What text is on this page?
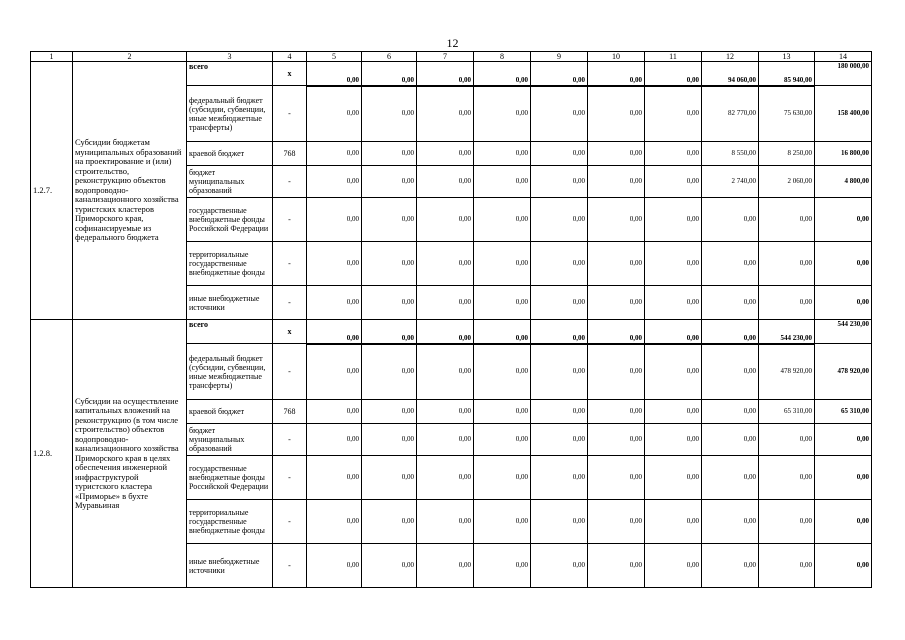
12
1	2	3	4	5	6	7	8	9	10	11	12	13	14
1.2.7.	Субсидии бюджетам муниципальных образований на проектирование и (или) строительство, реконструкцию объектов водопроводно-канализационного хозяйства туристских кластеров Приморского края, софинансируемые из федерального бюджета	всего	x	0,00	0,00	0,00	0,00	0,00	0,00	0,00	94 060,00	85 940,00	180 000,00
		федеральный бюджет (субсидии, субвенции, иные межбюджетные трансферты)	-	0,00	0,00	0,00	0,00	0,00	0,00	0,00	82 770,00	75 630,00	158 400,00
		краевой бюджет	768	0,00	0,00	0,00	0,00	0,00	0,00	0,00	8 550,00	8 250,00	16 800,00
		бюджет муниципальных образований	-	0,00	0,00	0,00	0,00	0,00	0,00	0,00	2 740,00	2 060,00	4 800,00
		государственные внебюджетные фонды Российской Федерации	-	0,00	0,00	0,00	0,00	0,00	0,00	0,00	0,00	0,00	0,00
		территориальные государственные внебюджетные фонды	-	0,00	0,00	0,00	0,00	0,00	0,00	0,00	0,00	0,00	0,00
		иные внебюджетные источники	-	0,00	0,00	0,00	0,00	0,00	0,00	0,00	0,00	0,00	0,00
1.2.8.	Субсидии на осуществление капитальных вложений на реконструкцию (в том числе строительство) объектов водопроводно-канализационного хозяйства Приморского края в целях обеспечения инженерной инфраструктурой туристского кластера «Приморье» в бухте Муравьиная	всего	x	0,00	0,00	0,00	0,00	0,00	0,00	0,00	0,00	544 230,00	544 230,00
		федеральный бюджет (субсидии, субвенции, иные межбюджетные трансферты)	-	0,00	0,00	0,00	0,00	0,00	0,00	0,00	0,00	478 920,00	478 920,00
		краевой бюджет	768	0,00	0,00	0,00	0,00	0,00	0,00	0,00	0,00	65 310,00	65 310,00
		бюджет муниципальных образований	-	0,00	0,00	0,00	0,00	0,00	0,00	0,00	0,00	0,00	0,00
		государственные внебюджетные фонды Российской Федерации	-	0,00	0,00	0,00	0,00	0,00	0,00	0,00	0,00	0,00	0,00
		территориальные государственные внебюджетные фонды	-	0,00	0,00	0,00	0,00	0,00	0,00	0,00	0,00	0,00	0,00
		иные внебюджетные источники	-	0,00	0,00	0,00	0,00	0,00	0,00	0,00	0,00	0,00	0,00
